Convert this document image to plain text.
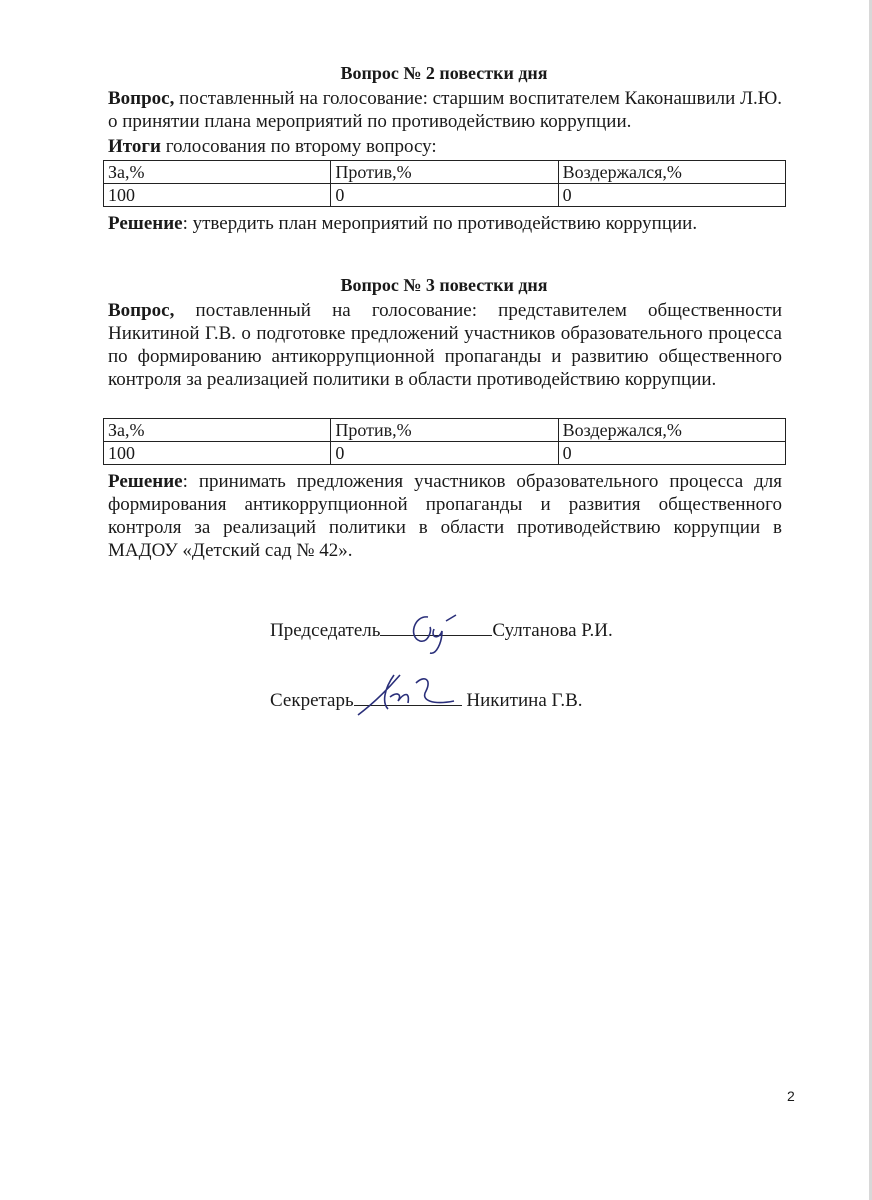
Вопрос № 2 повестки дня
Вопрос, поставленный на голосование: старшим воспитателем Каконашвили Л.Ю. о принятии плана мероприятий по противодействию коррупции.
Итоги голосования по второму вопросу:
За,%	Против,%	Воздержался,%
100	0	0
Решение: утвердить план мероприятий по противодействию коррупции.
Вопрос № 3 повестки дня
Вопрос, поставленный на голосование: представителем общественности Никитиной Г.В. о подготовке предложений участников образовательного процесса по формированию антикоррупционной пропаганды и развитию общественного контроля за реализацией политики в области противодействию коррупции.
За,%	Против,%	Воздержался,%
100	0	0
Решение: принимать предложения участников образовательного процесса для формирования антикоррупционной пропаганды и развития общественного контроля за реализаций политики в области противодействию коррупции в МАДОУ «Детский сад № 42».
Председатель	Султанова Р.И.
Секретарь	Никитина Г.В.
2
